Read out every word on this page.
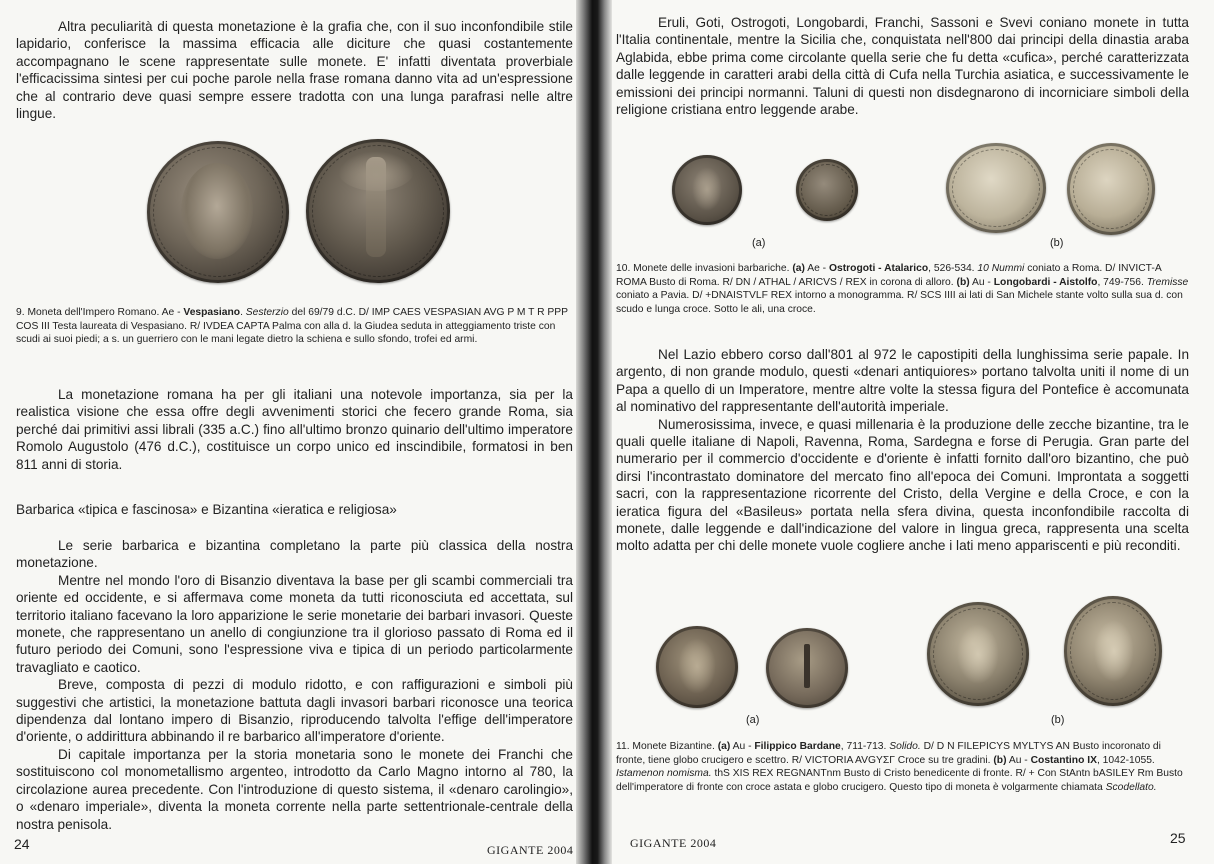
Altra peculiarità di questa monetazione è la grafia che, con il suo inconfondibile stile lapidario, conferisce la massima efficacia alle diciture che quasi costantemente accompagnano le scene rappresentate sulle monete. E' infatti diventata proverbiale l'efficacissima sintesi per cui poche parole nella frase romana danno vita ad un'espressione che al contrario deve quasi sempre essere tradotta con una lunga parafrasi nelle altre lingue.

9. Moneta dell'Impero Romano. Ae - Vespasiano. Sesterzio del 69/79 d.C. D/ IMP CAES VESPASIAN AVG P M T R PPP COS III Testa laureata di Vespasiano. R/ IVDEA CAPTA Palma con alla d. la Giudea seduta in atteggiamento triste con scudi ai suoi piedi; a s. un guerriero con le mani legate dietro la schiena e sullo sfondo, trofei ed armi.

La monetazione romana ha per gli italiani una notevole importanza, sia per la realistica visione che essa offre degli avvenimenti storici che fecero grande Roma, sia perché dai primitivi assi librali (335 a.C.) fino all'ultimo bronzo quinario dell'ultimo imperatore Romolo Augustolo (476 d.C.), costituisce un corpo unico ed inscindibile, formatosi in ben 811 anni di storia.

Barbarica «tipica e fascinosa» e Bizantina «ieratica e religiosa»

Le serie barbarica e bizantina completano la parte più classica della nostra monetazione.

Mentre nel mondo l'oro di Bisanzio diventava la base per gli scambi commerciali tra oriente ed occidente, e si affermava come moneta da tutti riconosciuta ed accettata, sul territorio italiano facevano la loro apparizione le serie monetarie dei barbari invasori. Queste monete, che rappresentano un anello di congiunzione tra il glorioso passato di Roma ed il futuro periodo dei Comuni, sono l'espressione viva e tipica di un periodo particolarmente travagliato e caotico.

Breve, composta di pezzi di modulo ridotto, e con raffigurazioni e simboli più suggestivi che artistici, la monetazione battuta dagli invasori barbari riconosce una teorica dipendenza dal lontano impero di Bisanzio, riproducendo talvolta l'effige dell'imperatore d'oriente, o addirittura abbinando il re barbarico all'imperatore d'oriente.

Di capitale importanza per la storia monetaria sono le monete dei Franchi che sostituiscono col monometallismo argenteo, introdotto da Carlo Magno intorno al 780, la circolazione aurea precedente. Con l'introduzione di questo sistema, il «denaro carolingio», o «denaro imperiale», diventa la moneta corrente nella parte settentrionale-centrale della nostra penisola.

24	GIGANTE 2004

Eruli, Goti, Ostrogoti, Longobardi, Franchi, Sassoni e Svevi coniano monete in tutta l'Italia continentale, mentre la Sicilia che, conquistata nell'800 dai principi della dinastia araba Aglabida, ebbe prima come circolante quella serie che fu detta «cufica», perché caratterizzata dalle leggende in caratteri arabi della città di Cufa nella Turchia asiatica, e successivamente le emissioni dei principi normanni. Taluni di questi non disdegnarono di incorniciare simboli della religione cristiana entro leggende arabe.

(a)	(b)

10. Monete delle invasioni barbariche. (a) Ae - Ostrogoti - Atalarico, 526-534. 10 Nummi coniato a Roma. D/ INVICT-A ROMA Busto di Roma. R/ DN / ATHAL / ARICVS / REX in corona di alloro. (b) Au - Longobardi - Aistolfo, 749-756. Tremisse coniato a Pavia. D/ +DNAISTVLF REX intorno a monogramma. R/ SCS IIII ai lati di San Michele stante volto sulla sua d. con scudo e lunga croce. Sotto le ali, una croce.

Nel Lazio ebbero corso dall'801 al 972 le capostipiti della lunghissima serie papale. In argento, di non grande modulo, questi «denari antiquiores» portano talvolta uniti il nome di un Papa a quello di un Imperatore, mentre altre volte la stessa figura del Pontefice è accomunata al nominativo del rappresentante dell'autorità imperiale.

Numerosissima, invece, e quasi millenaria è la produzione delle zecche bizantine, tra le quali quelle italiane di Napoli, Ravenna, Roma, Sardegna e forse di Perugia. Gran parte del numerario per il commercio d'occidente e d'oriente è infatti fornito dall'oro bizantino, che può dirsi l'incontrastato dominatore del mercato fino all'epoca dei Comuni. Improntata a soggetti sacri, con la rappresentazione ricorrente del Cristo, della Vergine e della Croce, e con la ieratica figura del «Basileus» portata nella sfera divina, questa inconfondibile raccolta di monete, dalle leggende e dall'indicazione del valore in lingua greca, rappresenta una scelta molto adatta per chi delle monete vuole cogliere anche i lati meno appariscenti e più reconditi.

(a)	(b)

11. Monete Bizantine. (a) Au - Filippico Bardane, 711-713. Solido. D/ D N FILEPICYS MYLTYS AN Busto incoronato di fronte, tiene globo crucigero e scettro. R/ VICTORIA AVGYΣΓ Croce su tre gradini. (b) Au - Costantino IX, 1042-1055. Istamenon nomisma. thS XIS REX REGNANTnm Busto di Cristo benedicente di fronte. R/ + Con StAntn bASILEY Rm Busto dell'imperatore di fronte con croce astata e globo crucigero. Questo tipo di moneta è volgarmente chiamata Scodellato.

GIGANTE 2004	25
